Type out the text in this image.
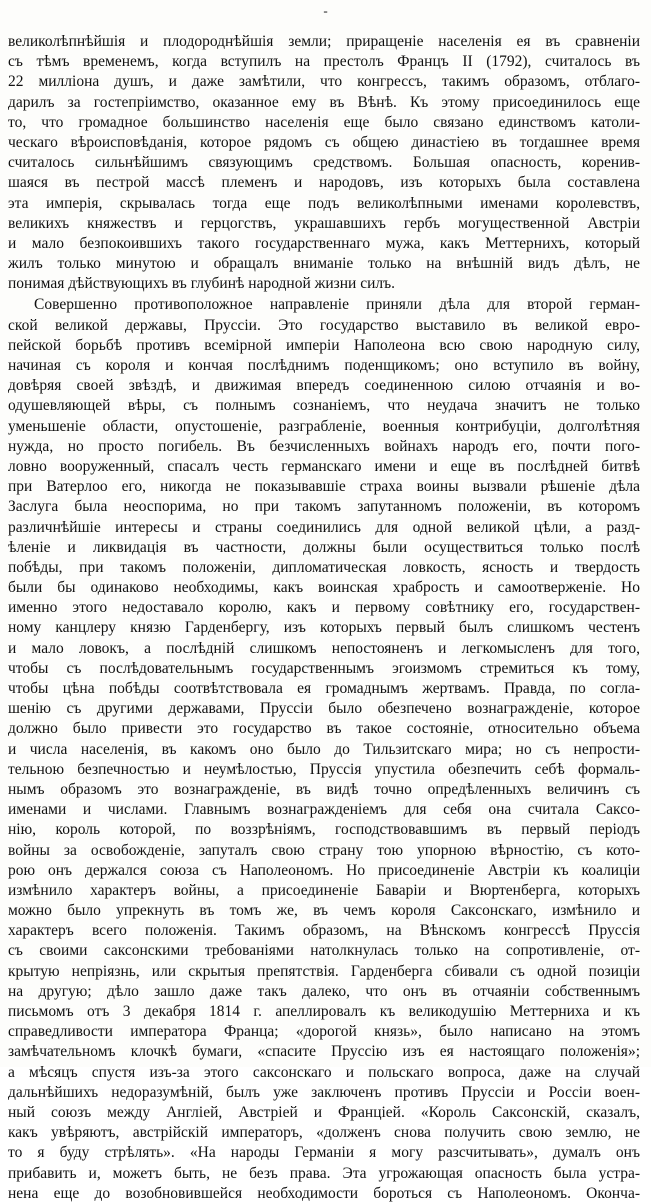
-
великолѣпнѣйшія и плодороднѣйшія земли; приращеніе населенія ея въ сравненіи
съ тѣмъ временемъ, когда вступилъ на престолъ Францъ II (1792), считалось въ
22 милліона душъ, и даже замѣтили, что конгрессъ, такимъ образомъ, отблаго-
дарилъ за гостепріимство, оказанное ему въ Вѣнѣ. Къ этому присоединилось еще
то, что громадное большинство населенія еще было связано единствомъ католи-
ческаго вѣроисповѣданія, которое рядомъ съ общею династіею въ тогдашнее время
считалось сильнѣйшимъ связующимъ средствомъ. Большая опасность, коренив-
шаяся въ пестрой массѣ племенъ и народовъ, изъ которыхъ была составлена
эта имперія, скрывалась тогда еще подъ великолѣпными именами королевствъ,
великихъ княжествъ и герцогствъ, украшавшихъ гербъ могущественной Австріи
и мало безпокоившихъ такого государственнаго мужа, какъ Меттернихъ, который
жилъ только минутою и обращалъ вниманіе только на внѣшній видъ дѣлъ, не
понимая дѣйствующихъ въ глубинѣ народной жизни силъ.
Совершенно противоположное направленіе приняли дѣла для второй герман-
ской великой державы, Пруссіи. Это государство выставило въ великой евро-
пейской борьбѣ противъ всемірной имперіи Наполеона всю свою народную силу,
начиная съ короля и кончая послѣднимъ поденщикомъ; оно вступило въ войну,
довѣряя своей звѣздѣ, и движимая впередъ соединенною силою отчаянія и во-
одушевляющей вѣры, съ полнымъ сознаніемъ, что неудача значитъ не только
уменьшеніе области, опустошеніе, разграбленіе, военныя контрибуціи, долголѣтняя
нужда, но просто погибель. Въ безчисленныхъ войнахъ народъ его, почти пого-
ловно вооруженный, спасалъ честь германскаго имени и еще въ послѣдней битвѣ
при Ватерлоо его, никогда не показывавшіе страха воины вызвали рѣшеніе дѣла
Заслуга была неоспорима, но при такомъ запутанномъ положеніи, въ которомъ
различнѣйшіе интересы и страны соединились для одной великой цѣли, а разд-
ѣленіе и ликвидація въ частности, должны были осуществиться только послѣ
побѣды, при такомъ положеніи, дипломатическая ловкость, ясность и твердость
были бы одинаково необходимы, какъ воинская храбрость и самоотверженіе. Но
именно этого недоставало королю, какъ и первому совѣтнику его, государствен-
ному канцлеру князю Гарденбергу, изъ которыхъ первый былъ слишкомъ честенъ
и мало ловокъ, а послѣдній слишкомъ непостояненъ и легкомысленъ для того,
чтобы съ послѣдовательнымъ государственнымъ эгоизмомъ стремиться къ тому,
чтобы цѣна побѣды соотвѣтствовала ея громаднымъ жертвамъ. Правда, по согла-
шенію съ другими державами, Пруссіи было обезпечено вознагражденіе, которое
должно было привести это государство въ такое состояніе, относительно объема
и числа населенія, въ какомъ оно было до Тильзитскаго мира; но съ непрости-
тельною безпечностью и неумѣлостью, Пруссія упустила обезпечить себѣ формаль-
нымъ образомъ это вознагражденіе, въ видѣ точно опредѣленныхъ величинъ съ
именами и числами. Главнымъ вознагражденіемъ для себя она считала Саксо-
нію, король которой, по воззрѣніямъ, господствовавшимъ въ первый періодъ
войны за освобожденіе, запуталъ свою страну тою упорною вѣрностію, съ кото-
рою онъ держался союза съ Наполеономъ. Но присоединеніе Австріи къ коалиціи
измѣнило характеръ войны, а присоединеніе Баваріи и Вюртенберга, которыхъ
можно было упрекнуть въ томъ же, въ чемъ короля Саксонскаго, измѣнило и
характеръ всего положенія. Такимъ образомъ, на Вѣнскомъ конгрессѣ Пруссія
съ своими саксонскими требованіями натолкнулась только на сопротивленіе, от-
крытую непріязнь, или скрытыя препятствія. Гарденберга сбивали съ одной позиціи
на другую; дѣло зашло даже такъ далеко, что онъ въ отчаяніи собственнымъ
письмомъ отъ 3 декабря 1814 г. апеллировалъ къ великодушію Меттерниха и къ
справедливости императора Франца; «дорогой князь», было написано на этомъ
замѣчательномъ клочкѣ бумаги, «спасите Пруссію изъ ея настоящаго положенія»;
а мѣсяцъ спустя изъ-за этого саксонскаго и польскаго вопроса, даже на случай
дальнѣйшихъ недоразумѣній, былъ уже заключенъ противъ Пруссіи и Россіи воен-
ный союзъ между Англіей, Австріей и Франціей. «Король Саксонскій, сказалъ,
какъ увѣряютъ, австрійскій императоръ, «долженъ снова получить свою землю, не
то я буду стрѣлять». «На народы Германіи я могу разсчитывать», думалъ онъ
прибавить и, можетъ быть, не безъ права. Эта угрожающая опасность была устра-
нена еще до возобновившейся необходимости бороться съ Наполеономъ. Оконча-
